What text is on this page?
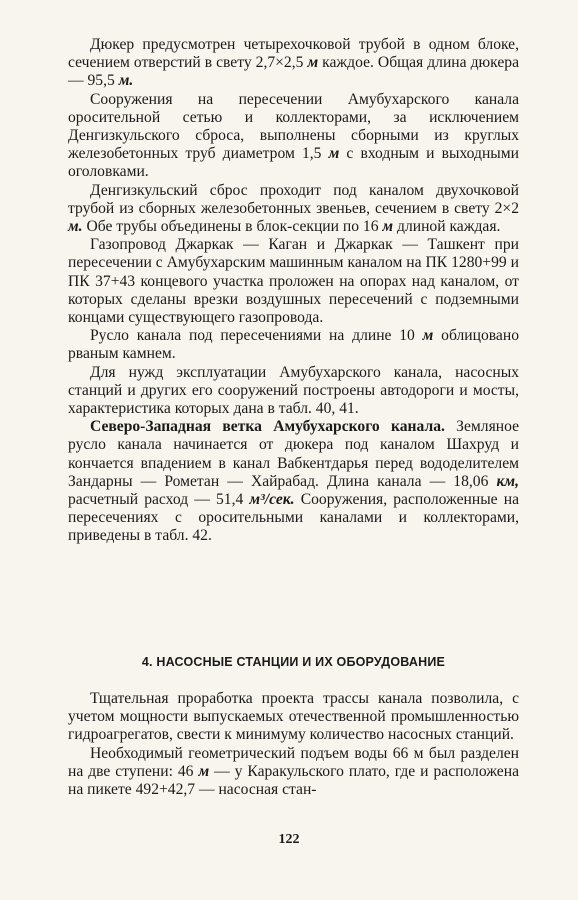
Дюкер предусмотрен четырехочковой трубой в одном блоке, сечением отверстий в свету 2,7×2,5 м каждое. Общая длина дюкера — 95,5 м.

Сооружения на пересечении Амубухарского канала оросительной сетью и коллекторами, за исключением Денгизкульского сброса, выполнены сборными из круглых железобетонных труб диаметром 1,5 м с входным и выходными оголовками.

Денгизкульский сброс проходит под каналом двухочковой трубой из сборных железобетонных звеньев, сечением в свету 2×2 м. Обе трубы объединены в блок-секции по 16 м длиной каждая.

Газопровод Джаркак — Каган и Джаркак — Ташкент при пересечении с Амубухарским машинным каналом на ПК 1280+99 и ПК 37+43 концевого участка проложен на опорах над каналом, от которых сделаны врезки воздушных пересечений с подземными концами существующего газопровода.

Русло канала под пересечениями на длине 10 м облицовано рваным камнем.

Для нужд эксплуатации Амубухарского канала, насосных станций и других его сооружений построены автодороги и мосты, характеристика которых дана в табл. 40, 41.

Северо-Западная ветка Амубухарского канала. Земляное русло канала начинается от дюкера под каналом Шахруд и кончается впадением в канал Вабкентдарья перед вододелителем Зандарны — Рометан — Хайрабад. Длина канала — 18,06 км, расчетный расход — 51,4 м³/сек. Сооружения, расположенные на пересечениях с оросительными каналами и коллекторами, приведены в табл. 42.

4. НАСОСНЫЕ СТАНЦИИ И ИХ ОБОРУДОВАНИЕ

Тщательная проработка проекта трассы канала позволила, с учетом мощности выпускаемых отечественной промышленностью гидроагрегатов, свести к минимуму количество насосных станций.

Необходимый геометрический подъем воды 66 м был разделен на две ступени: 46 м — у Каракульского плато, где и расположена на пикете 492+42,7 — насосная стан-

122
